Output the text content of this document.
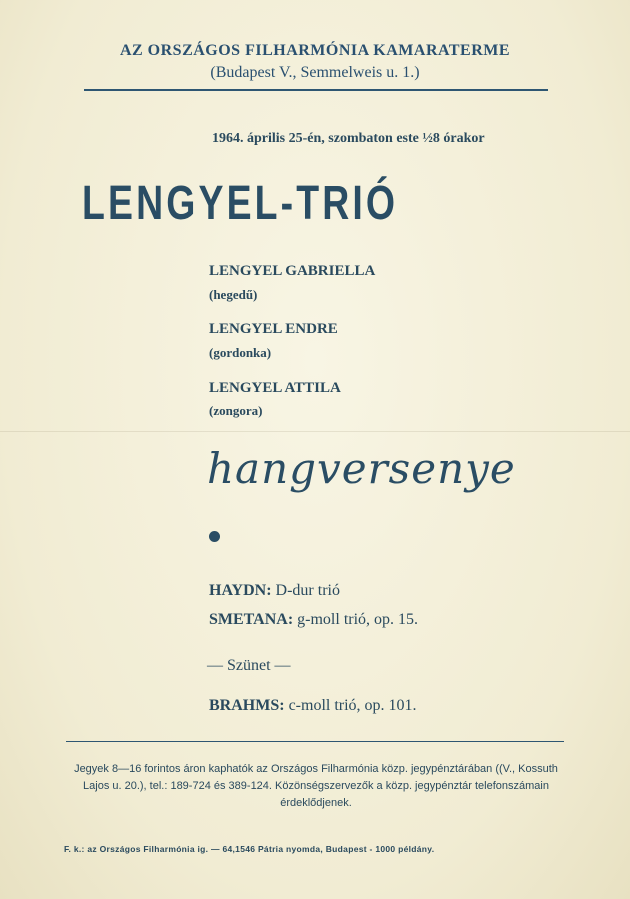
AZ ORSZÁGOS FILHARMÓNIA KAMARATERME
(Budapest V., Semmelweis u. 1.)
1964. április 25-én, szombaton este ½8 órakor
LENGYEL-TRIÓ
LENGYEL GABRIELLA
(hegedű)
LENGYEL ENDRE
(gordonka)
LENGYEL ATTILA
(zongora)
hangversenye
HAYDN: D-dur trió
SMETANA: g-moll trió, op. 15.
— Szünet —
BRAHMS: c-moll trió, op. 101.
Jegyek 8—16 forintos áron kaphatók az Országos Filharmónia közp. jegypénztárában ((V., Kossuth Lajos u. 20.), tel.: 189-724 és 389-124. Közönségszervezők a közp. jegypénztár telefonszámain érdeklődjenek.
F. k.: az Országos Filharmónia ig. — 64,1546 Pátria nyomda, Budapest - 1000 példány.
